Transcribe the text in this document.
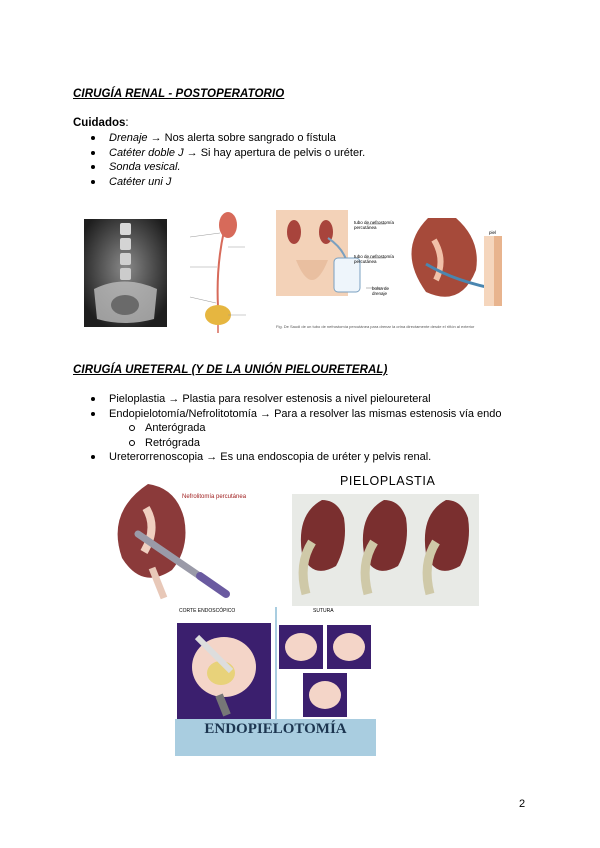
CIRUGÍA RENAL - POSTOPERATORIO
Cuidados:
Drenaje → Nos alerta sobre sangrado o fístula
Catéter doble J → Si hay apertura de pelvis o uréter.
Sonda vesical.
Catéter uni J
tubo de nefrostomía percutánea
tubo de nefrostomía percutánea
bolsa de drenaje
piel
Fig. De Saudi de un tubo de nefrostomía percutánea para drenar la orina directamente desde el riñón al exterior
CIRUGÍA URETERAL (Y DE LA UNIÓN PIELOURETERAL)
Pieloplastia → Plastia para resolver estenosis a nivel pieloureteral
Endopielotomía/Nefrolitotomía → Para a resolver las mismas estenosis vía endo
Anterógrada
Retrógrada
Ureterorrenoscopia → Es una endoscopia de uréter y pelvis renal.
Nefrolitomía percutánea
PIELOPLASTIA
CORTE ENDOSCÓPICO	SUTURA
ENDOPIELOTOMÍA
2
